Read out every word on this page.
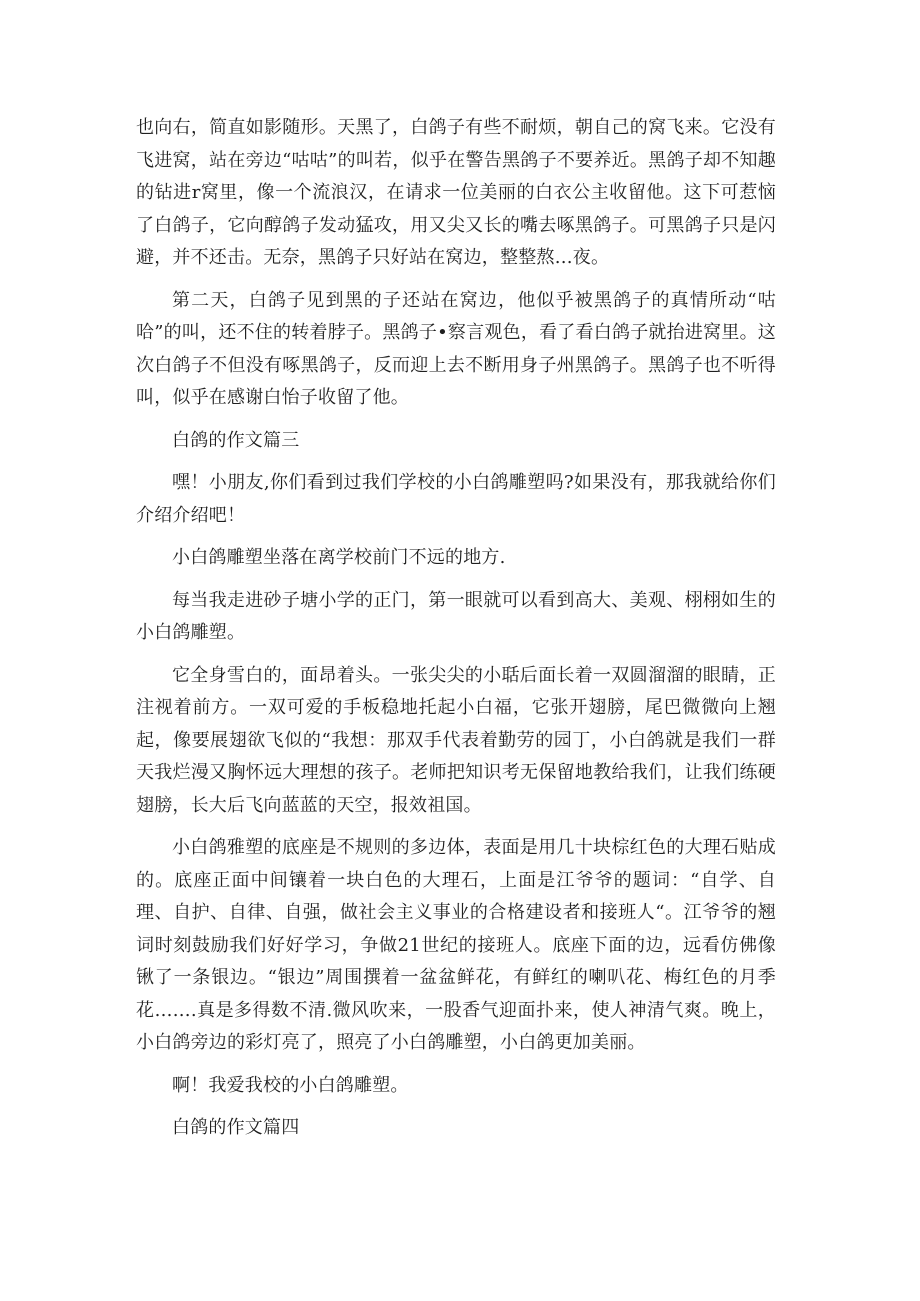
也向右，简直如影随形。天黑了，白鸽子有些不耐烦，朝自己的窝飞来。它没有飞进窝，站在旁边“咕咕”的叫若，似乎在警告黑鸽子不要养近。黑鸽子却不知趣的钻进r窝里，像一个流浪汉，在请求一位美丽的白衣公主收留他。这下可惹恼了白鸽子，它向醇鸽子发动猛攻，用又尖又长的嘴去啄黑鸽子。可黑鸽子只是闪避，并不还击。无奈，黑鸽子只好站在窝边，整整熬…夜。

第二天，白鸽子见到黑的子还站在窝边，他似乎被黑鸽子的真情所动“咕哈”的叫，还不住的转着脖子。黑鸽子•察言观色，看了看白鸽子就抬进窝里。这次白鸽子不但没有啄黑鸽子，反而迎上去不断用身子州黑鸽子。黑鸽子也不听得叫，似乎在感谢白怡子收留了他。

白鸽的作文篇三

嘿！小朋友,你们看到过我们学校的小白鸽雕塑吗?如果没有，那我就给你们介绍介绍吧！

小白鸽雕塑坐落在离学校前门不远的地方.

每当我走进砂子塘小学的正门，第一眼就可以看到高大、美观、栩栩如生的小白鸽雕塑。

它全身雪白的，面昂着头。一张尖尖的小聒后面长着一双圆溜溜的眼睛，正注视着前方。一双可爱的手板稳地托起小白福，它张开翅膀，尾巴微微向上翘起，像要展翅欲飞似的“我想：那双手代表着勤劳的园丁，小白鸽就是我们一群天我烂漫又胸怀远大理想的孩子。老师把知识考无保留地教给我们，让我们练硬翅膀，长大后飞向蓝蓝的天空，报效祖国。

小白鸽雅塑的底座是不规则的多边体，表面是用几十块棕红色的大理石贴成的。底座正面中间镶着一块白色的大理石，上面是江爷爷的题词：“自学、自理、自护、自律、自强，做社会主义事业的合格建设者和接班人“。江爷爷的翘词时刻鼓励我们好好学习，争做21世纪的接班人。底座下面的边，远看仿佛像锹了一条银边。“银边”周围撰着一盆盆鲜花，有鲜红的喇叭花、梅红色的月季花…….真是多得数不清.微风吹来，一股香气迎面扑来，使人神清气爽。晚上，小白鸽旁边的彩灯亮了，照亮了小白鸽雕塑，小白鸽更加美丽。

啊！我爱我校的小白鸽雕塑。

白鸽的作文篇四
